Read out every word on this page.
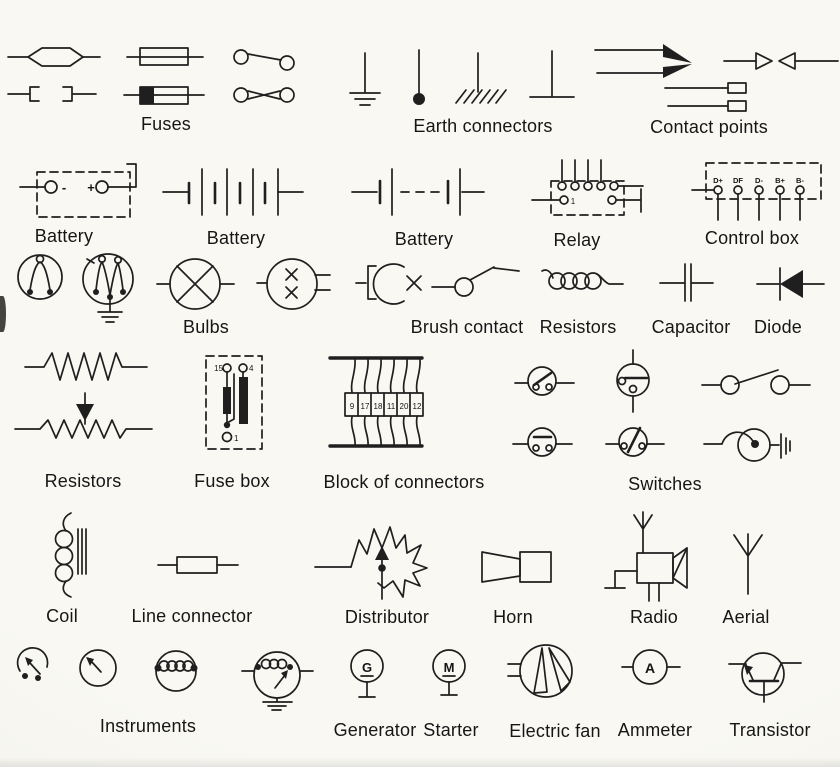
- +
1
D+ DF D- B+ B-
15	4
1
9 17 18 11 20 12
G	M	A
Fuses	Earth connectors	Contact points
Battery	Battery	Battery	Relay	Control box
Bulbs	Brush contact Resistors Capacitor Diode
Resistors	Fuse box	Block of connectors	Switches
Coil	Line connector	Distributor	Horn	Radio Aerial
Instruments	Generator Starter Electric fan Ammeter Transistor
